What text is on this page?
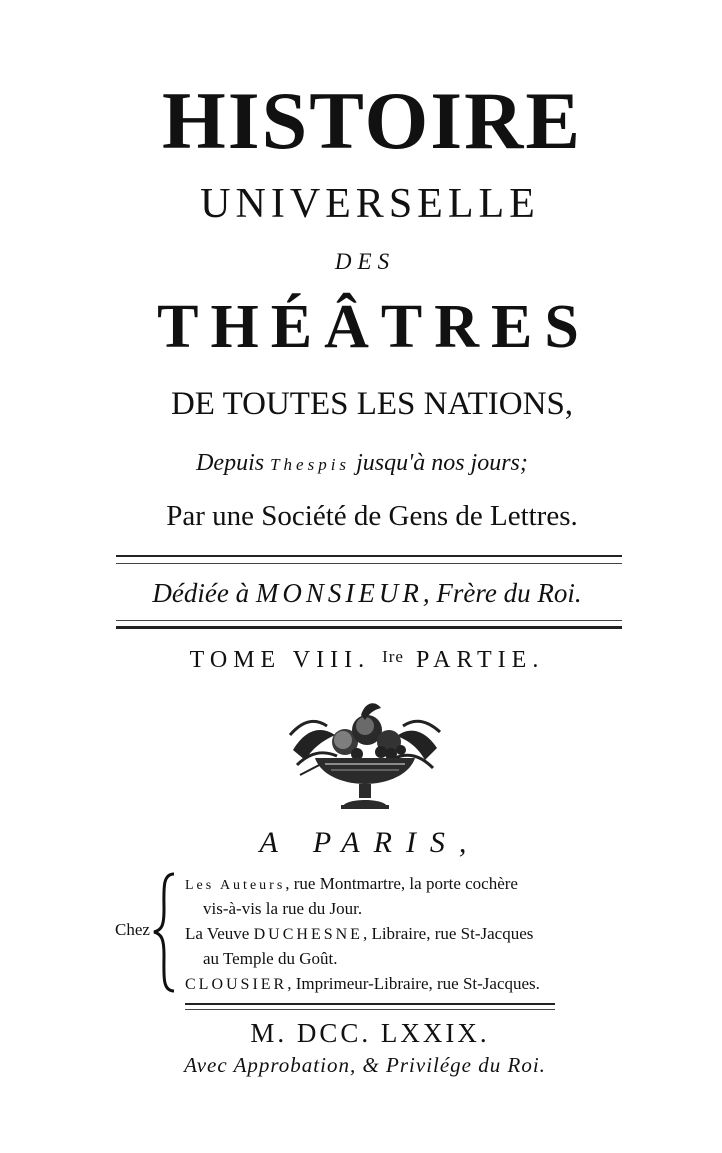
HISTOIRE
UNIVERSELLE
DES
THÉÂTRES
DE TOUTES LES NATIONS,
Depuis Thespis jusqu'à nos jours;
Par une Société de Gens de Lettres.
Dédiée à MONSIEUR, Frère du Roi.
TOME VIII. $^{Ire}$ PARTIE.
A PARIS,
Chez
Les Auteurs, rue Montmartre, la porte cochère
vis-à-vis la rue du Jour.
La Veuve DUCHESNE, Libraire, rue St-Jacques
au Temple du Goût.
CLOUSIER, Imprimeur-Libraire, rue St-Jacques.
M. DCC. LXXIX.
Avec Approbation, & Privilége du Roi.
